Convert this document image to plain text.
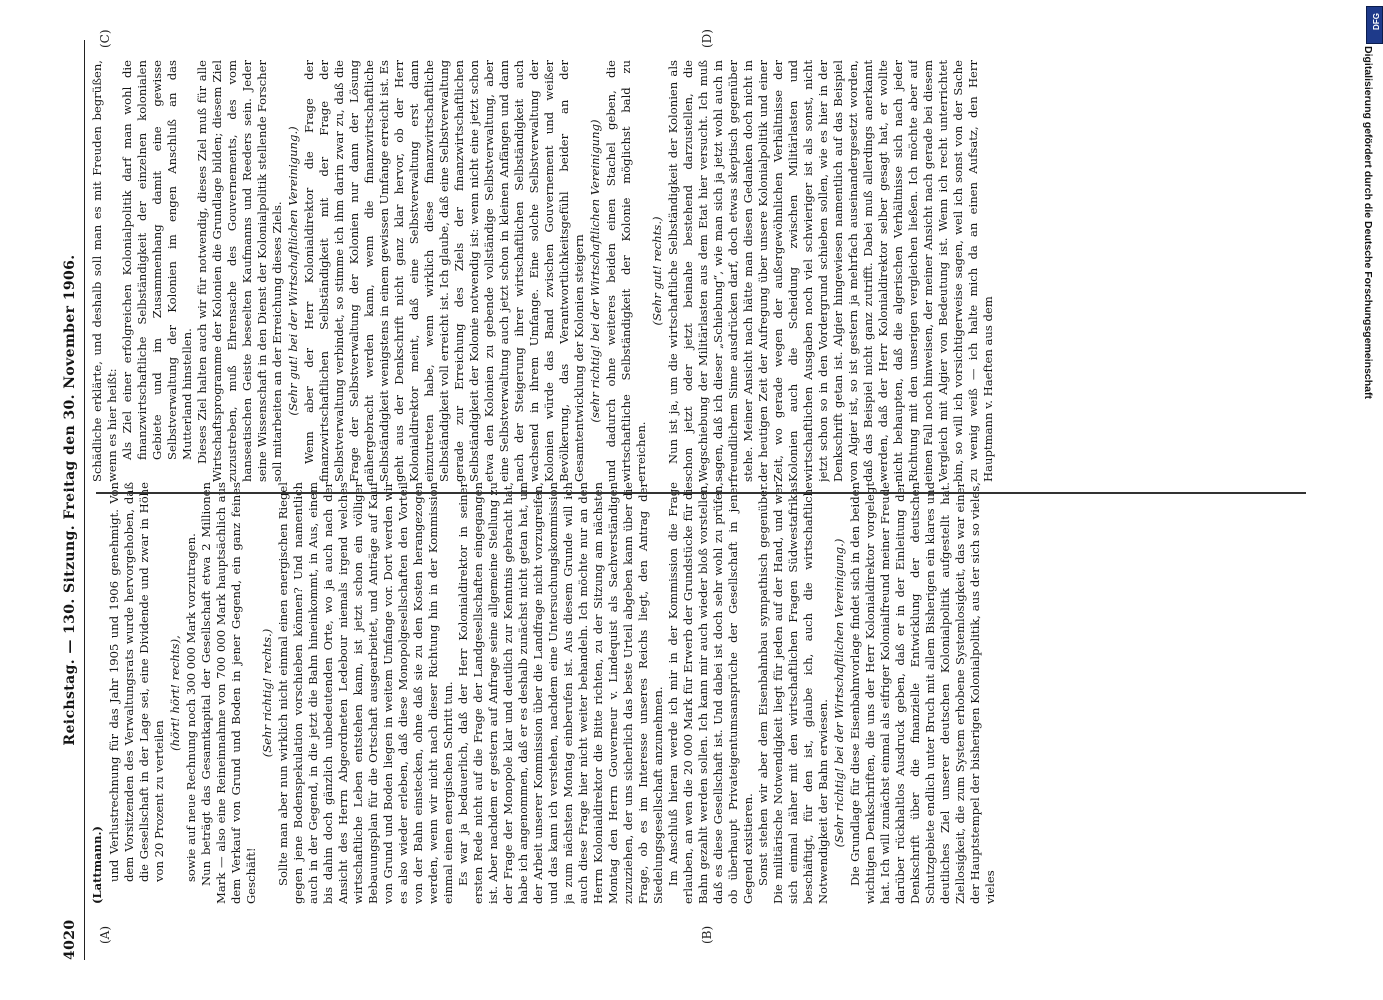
4020
Reichstag. — 130. Sitzung. Freitag den 30. November 1906.
(A)	(B)
(C)	(D)
(Lattmann.) und Verlustrechnung für das Jahr 1905 und 1906 genehmigt. Von dem Vorsitzenden des Verwaltungsrats wurde hervorgehoben, daß die Gesellschaft in der Lage sei, eine Dividende und zwar in Höhe von 20 Prozent zu verteilen

(hört! hört! rechts), sowie auf neue Rechnung noch 300 000 Mark vorzutragen. Nun beträgt das Gesamtkapital der Gesellschaft etwa 2 Millionen Mark — also eine Reineinnahme von 700 000 Mark hauptsächlich aus dem Verkauf von Grund und Boden in jener Gegend, ein ganz feines Geschäft!

(Sehr richtig! rechts.) Sollte man aber nun wirklich nicht einmal einen energischen Riegel gegen jene Bodenspekulation vorschieben können? Und namentlich auch in der Gegend, in die jetzt die Bahn hineinkommt, in Aus, einem bis dahin doch gänzlich unbedeutenden Orte, wo ja auch nach der Ansicht des Herrn Abgeordneten Ledebour niemals irgend welches wirtschaftliche Leben entstehen kann, ist jetzt schon ein völliger Bebauungsplan für die Ortschaft ausgearbeitet, und Anträge auf Kauf von Grund und Boden liegen in weitem Umfange vor. Dort werden wir es also wieder erleben, daß diese Monopolgesellschaften den Vorteil von der Bahn einstecken, ohne daß sie zu den Kosten herangezogen werden, wenn wir nicht nach dieser Richtung hin in der Kommission einmal einen energischen Schritt tun. Es war ja bedauerlich, daß der Herr Kolonialdirektor in seiner ersten Rede nicht auf die Frage der Landgesellschaften eingegangen ist. Aber nachdem er gestern auf Anfrage seine allgemeine Stellung zu der Frage der Monopole klar und deutlich zur Kenntnis gebracht hat, habe ich angenommen, daß er es deshalb zunächst nicht getan hat, um der Arbeit unserer Kommission über die Landfrage nicht vorzugreifen, und das kann ich verstehen, nachdem eine Untersuchungskommission ja zum nächsten Montag einberufen ist. Aus diesem Grunde will ich auch diese Frage hier nicht weiter behandeln. Ich möchte nur an den Herrn Kolonialdirektor die Bitte richten, zu der Sitzung am nächsten Montag den Herrn Gouverneur v. Lindequist als Sachverständigen zuzuziehen, der uns sicherlich das beste Urteil abgeben kann über die Frage, ob es im Interesse unseres Reichs liegt, den Antrag der Siedelungsgesellschaft anzunehmen. Im Anschluß hieran werde ich mir in der Kommission die Frage erlauben, an wen die 20 000 Mark für Erwerb der Grundstücke für die Bahn gezahlt werden sollen. Ich kann mir auch wieder bloß vorstellen, daß es diese Gesellschaft ist. Und dabei ist doch sehr wohl zu prüfen, ob überhaupt Privateigentumsansprüche der Gesellschaft in jener Gegend existieren. Sonst stehen wir aber dem Eisenbahnbau sympathisch gegenüber. Die militärische Notwendigkeit liegt für jeden auf der Hand, und wer sich einmal näher mit den wirtschaftlichen Fragen Südwestafrikas beschäftigt, für den ist, glaube ich, auch die wirtschaftliche Notwendigkeit der Bahn erwiesen. (Sehr richtig! bei der Wirtschaftlichen Vereinigung.) Die Grundlage für diese Eisenbahnvorlage findet sich in den beiden wichtigen Denkschriften, die uns der Herr Kolonialdirektor vorgelegt hat. Ich will zunächst einmal als eifriger Kolonialfreund meiner Freude darüber rückhaltlos Ausdruck geben, daß er in der Einleitung der Denkschrift über die finanzielle Entwicklung der deutschen Schutzgebiete endlich unter Bruch mit allem Bisherigen ein klares und deutliches Ziel unserer deutschen Kolonialpolitik aufgestellt hat. Ziellosigkeit, die zum System erhobene Systemlosigkeit, das war einer der Hauptstempel der bisherigen Kolonialpolitik, aus der sich so vieles, vieles

Schädliche erklärte, und deshalb soll man es mit Freuden begrüßen, wenn es hier heißt: Als Ziel einer erfolgreichen Kolonialpolitik darf man wohl die finanzwirtschaftliche Selbständigkeit der einzelnen kolonialen Gebiete und im Zusammenhang damit eine gewisse Selbstverwaltung der Kolonien im engen Anschluß an das Mutterland hinstellen. Dieses Ziel halten auch wir für notwendig, dieses Ziel muß für alle Wirtschaftsprogramme der Kolonien die Grundlage bilden; diesem Ziel zuzustreben, muß Ehrensache des Gouvernements, des vom hanseatischen Geiste beseelten Kaufmanns und Reeders sein. Jeder seine Wissenschaft in den Dienst der Kolonialpolitik stellende Forscher soll mitarbeiten an der Erreichung dieses Ziels. (Sehr gut! bei der Wirtschaftlichen Vereinigung.) Wenn aber der Herr Kolonialdirektor die Frage der finanzwirtschaftlichen Selbständigkeit mit der Frage der Selbstverwaltung verbindet, so stimme ich ihm darin zwar zu, daß die Frage der Selbstverwaltung der Kolonien nur dann der Lösung nähergebracht werden kann, wenn die finanzwirtschaftliche Selbständigkeit wenigstens in einem gewissen Umfange erreicht ist. Es geht aus der Denkschrift nicht ganz klar hervor, ob der Herr Kolonialdirektor meint, daß eine Selbstverwaltung erst dann einzutreten habe, wenn wirklich diese finanzwirtschaftliche Selbständigkeit voll erreicht ist. Ich glaube, daß eine Selbstverwaltung gerade zur Erreichung des Ziels der finanzwirtschaftlichen Selbständigkeit der Kolonie notwendig ist: wenn nicht eine jetzt schon etwa den Kolonien zu gebende vollständige Selbstverwaltung, aber eine Selbstverwaltung auch jetzt schon in kleinen Anfängen und dann nach der Steigerung ihrer wirtschaftlichen Selbständigkeit auch wachsend in ihrem Umfange. Eine solche Selbstverwaltung der Kolonien würde das Band zwischen Gouvernement und weißer Bevölkerung, das Verantwortlichkeitsgefühl beider an der Gesamtentwicklung der Kolonien steigern (sehr richtig! bei der Wirtschaftlichen Vereinigung) und dadurch ohne weiteres beiden einen Stachel geben, die wirtschaftliche Selbständigkeit der Kolonie möglichst bald zu erreichen.

(Sehr gut! rechts.) Nun ist ja, um die wirtschaftliche Selbständigkeit der Kolonien als schon jetzt oder jetzt beinahe bestehend darzustellen, die Wegschiebung der Militärlasten aus dem Etat hier versucht. Ich muß sagen, daß ich dieser „Schiebung“, wie man sich ja jetzt wohl auch in freundlichem Sinne ausdrücken darf, doch etwas skeptisch gegenüber stehe. Meiner Ansicht nach hätte man diesen Gedanken doch nicht in der heutigen Zeit der Aufregung über unsere Kolonialpolitik und einer Zeit, wo gerade wegen der außergewöhnlichen Verhältnisse der Kolonien auch die Scheidung zwischen Militärlasten und wirtschaftlichen Ausgaben noch viel schwieriger ist als sonst, nicht jetzt schon so in den Vordergrund schieben sollen, wie es hier in der Denkschrift getan ist. Algier hingewiesen namentlich auf das Beispiel von Algier ist, so ist gestern ja mehrfach auseinandergesetzt worden, daß das Beispiel nicht ganz zutrifft. Dabei muß allerdings anerkannt werden, daß der Herr Kolonialdirektor selber gesagt hat, er wollte nicht behaupten, daß die algerischen Verhältnisse sich nach jeder Richtung mit den unserigen vergleichen ließen. Ich möchte aber auf einen Fall noch hinweisen, der meiner Ansicht nach gerade bei diesem Vergleich mit Algier von Bedeutung ist. Wenn ich recht unterrichtet bin, so will ich vorsichtigerweise sagen, weil ich sonst von der Sache zu wenig weiß — ich halte mich da an einen Aufsatz, den Herr Hauptmann v. Haeften aus dem

DFG
Digitalisierung gefördert durch die Deutsche Forschungsgemeinschaft
